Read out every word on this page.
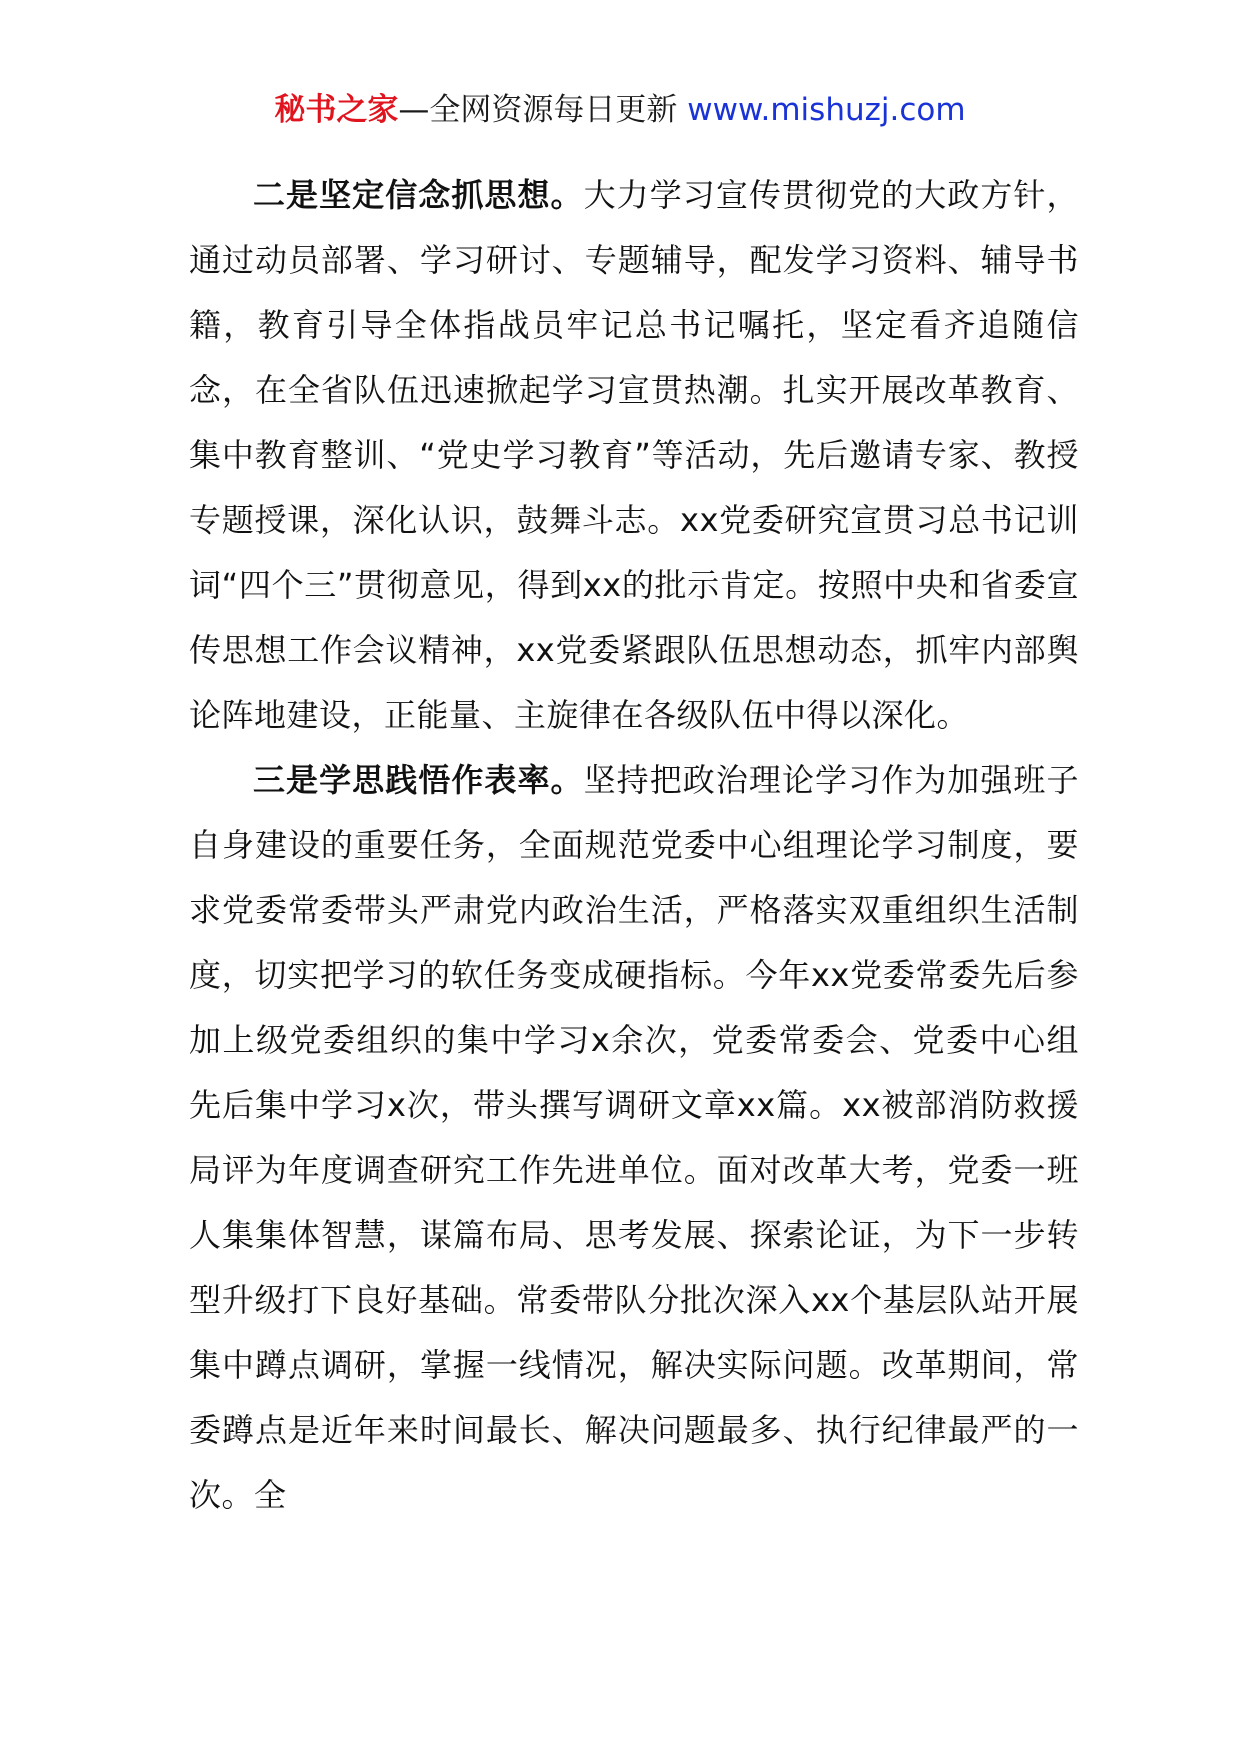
秘书之家—全网资源每日更新 www.mishuzj.com

二是坚定信念抓思想。大力学习宣传贯彻党的大政方针，通过动员部署、学习研讨、专题辅导，配发学习资料、辅导书籍，教育引导全体指战员牢记总书记嘱托，坚定看齐追随信念，在全省队伍迅速掀起学习宣贯热潮。扎实开展改革教育、集中教育整训、“党史学习教育”等活动，先后邀请专家、教授专题授课，深化认识，鼓舞斗志。xx党委研究宣贯习总书记训词“四个三”贯彻意见，得到xx的批示肯定。按照中央和省委宣传思想工作会议精神，xx党委紧跟队伍思想动态，抓牢内部舆论阵地建设，正能量、主旋律在各级队伍中得以深化。

三是学思践悟作表率。坚持把政治理论学习作为加强班子自身建设的重要任务，全面规范党委中心组理论学习制度，要求党委常委带头严肃党内政治生活，严格落实双重组织生活制度，切实把学习的软任务变成硬指标。今年xx党委常委先后参加上级党委组织的集中学习x余次，党委常委会、党委中心组先后集中学习x次，带头撰写调研文章xx篇。xx被部消防救援局评为年度调查研究工作先进单位。面对改革大考，党委一班人集集体智慧，谋篇布局、思考发展、探索论证，为下一步转型升级打下良好基础。常委带队分批次深入xx个基层队站开展集中蹲点调研，掌握一线情况，解决实际问题。改革期间，常委蹲点是近年来时间最长、解决问题最多、执行纪律最严的一次。全
